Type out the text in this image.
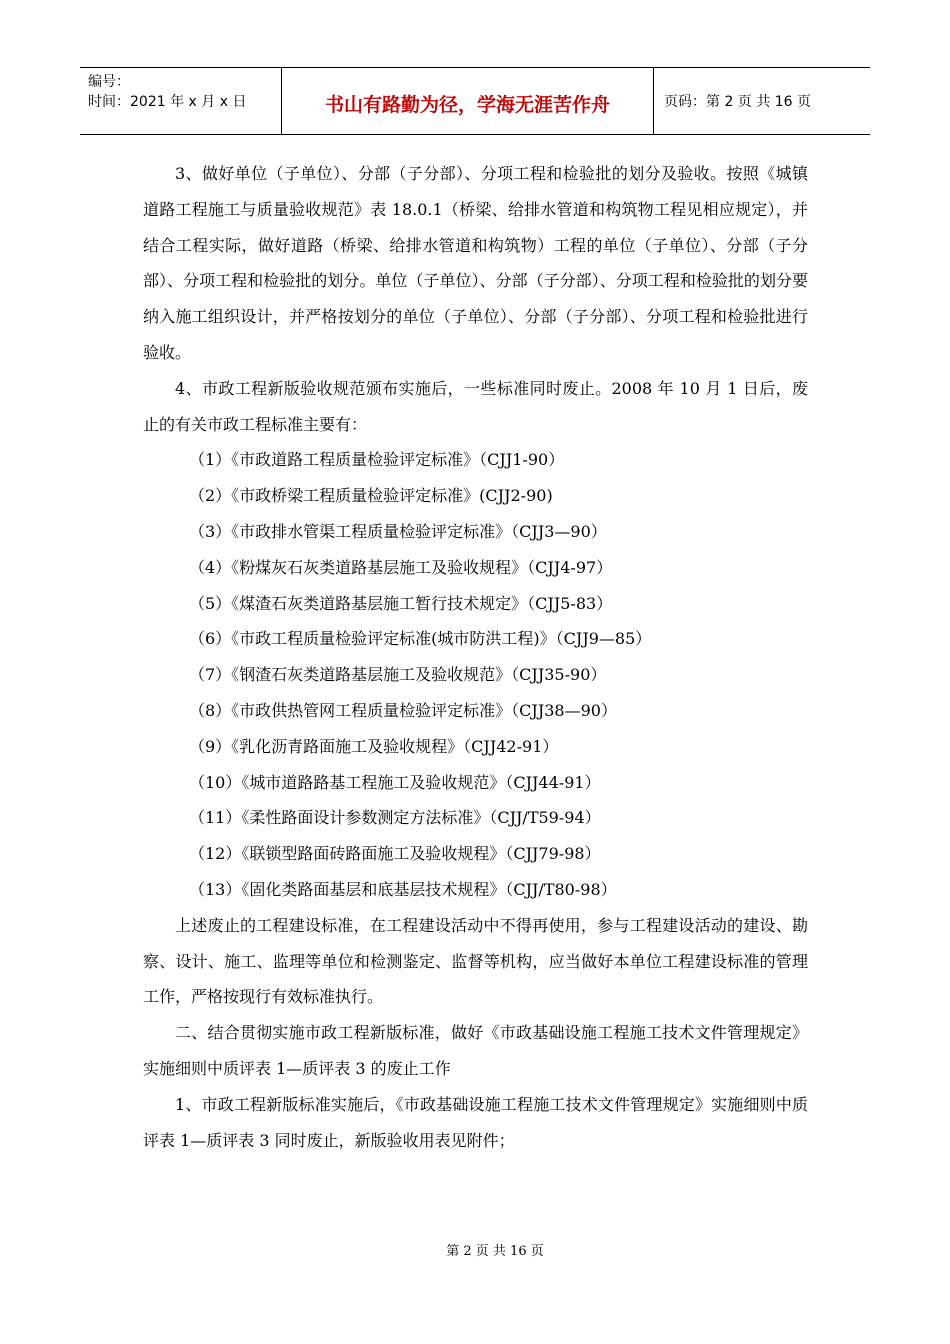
编号：
时间：2021 年 x 月 x 日	书山有路勤为径，学海无涯苦作舟	页码：第 2 页 共 16 页

3、做好单位（子单位）、分部（子分部）、分项工程和检验批的划分及验收。按照《城镇道路工程施工与质量验收规范》表 18.0.1（桥梁、给排水管道和构筑物工程见相应规定），并结合工程实际，做好道路（桥梁、给排水管道和构筑物）工程的单位（子单位）、分部（子分部）、分项工程和检验批的划分。单位（子单位）、分部（子分部）、分项工程和检验批的划分要纳入施工组织设计，并严格按划分的单位（子单位）、分部（子分部）、分项工程和检验批进行验收。

4、市政工程新版验收规范颁布实施后，一些标准同时废止。2008 年 10 月 1 日后，废止的有关市政工程标准主要有：

（1）《市政道路工程质量检验评定标准》（CJJ1-90）

（2）《市政桥梁工程质量检验评定标准》(CJJ2-90)

（3）《市政排水管渠工程质量检验评定标准》（CJJ3—90）

（4）《粉煤灰石灰类道路基层施工及验收规程》（CJJ4-97）

（5）《煤渣石灰类道路基层施工暂行技术规定》（CJJ5-83）

（6）《市政工程质量检验评定标准(城市防洪工程)》（CJJ9—85）

（7）《钢渣石灰类道路基层施工及验收规范》（CJJ35-90）

（8）《市政供热管网工程质量检验评定标准》（CJJ38—90）

（9）《乳化沥青路面施工及验收规程》（CJJ42-91）

（10）《城市道路路基工程施工及验收规范》（CJJ44-91）

（11）《柔性路面设计参数测定方法标准》（CJJ/T59-94）

（12）《联锁型路面砖路面施工及验收规程》（CJJ79-98）

（13）《固化类路面基层和底基层技术规程》（CJJ/T80-98）

上述废止的工程建设标准，在工程建设活动中不得再使用，参与工程建设活动的建设、勘察、设计、施工、监理等单位和检测鉴定、监督等机构，应当做好本单位工程建设标准的管理工作，严格按现行有效标准执行。

二、结合贯彻实施市政工程新版标准，做好《市政基础设施工程施工技术文件管理规定》实施细则中质评表 1—质评表 3 的废止工作

1、市政工程新版标准实施后，《市政基础设施工程施工技术文件管理规定》实施细则中质评表 1—质评表 3 同时废止，新版验收用表见附件；

第 2 页 共 16 页
